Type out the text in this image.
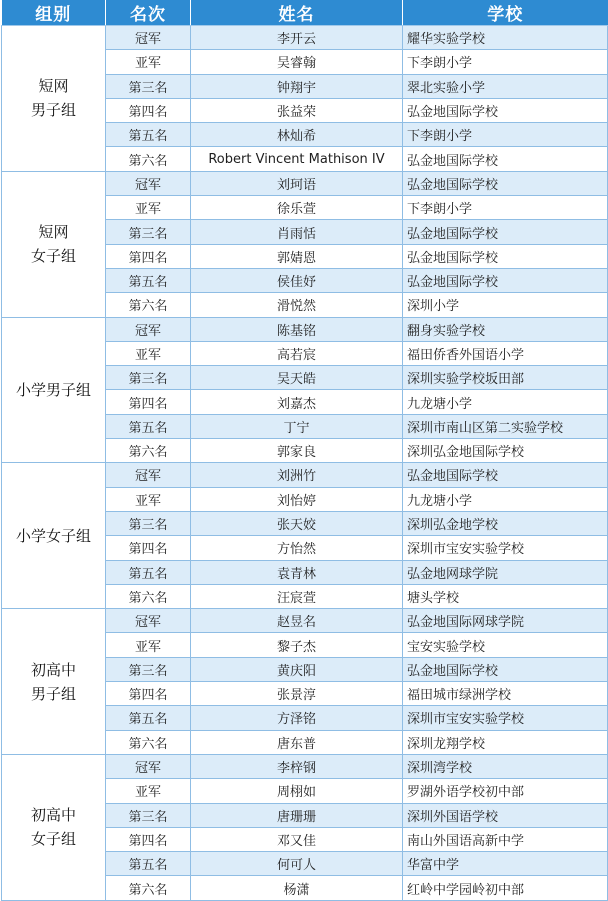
组别	名次	姓名	学校

短网
男子组	冠军	李开云	耀华实验学校
	亚军	吴睿翰	下李朗小学
	第三名	钟翔宇	翠北实验小学
	第四名	张益荣	弘金地国际学校
	第五名	林灿希	下李朗小学
	第六名	Robert Vincent Mathison IV	弘金地国际学校

短网
女子组	冠军	刘珂语	弘金地国际学校
	亚军	徐乐萱	下李朗小学
	第三名	肖雨恬	弘金地国际学校
	第四名	郭婧恩	弘金地国际学校
	第五名	侯佳妤	弘金地国际学校
	第六名	滑悦然	深圳小学

小学男子组	冠军	陈基铭	翻身实验学校
	亚军	高若宸	福田侨香外国语小学
	第三名	吴天皓	深圳实验学校坂田部
	第四名	刘嘉杰	九龙塘小学
	第五名	丁宁	深圳市南山区第二实验学校
	第六名	郭家良	深圳弘金地国际学校

小学女子组	冠军	刘洲竹	弘金地国际学校
	亚军	刘怡婷	九龙塘小学
	第三名	张天姣	深圳弘金地学校
	第四名	方怡然	深圳市宝安实验学校
	第五名	袁青林	弘金地网球学院
	第六名	汪宸萱	塘头学校

初高中
男子组	冠军	赵昱名	弘金地国际网球学院
	亚军	黎子杰	宝安实验学校
	第三名	黄庆阳	弘金地国际学校
	第四名	张景淳	福田城市绿洲学校
	第五名	方泽铭	深圳市宝安实验学校
	第六名	唐东普	深圳龙翔学校

初高中
女子组	冠军	李梓钢	深圳湾学校
	亚军	周栩如	罗湖外语学校初中部
	第三名	唐珊珊	深圳外国语学校
	第四名	邓又佳	南山外国语高新中学
	第五名	何可人	华富中学
	第六名	杨潇	红岭中学园岭初中部
